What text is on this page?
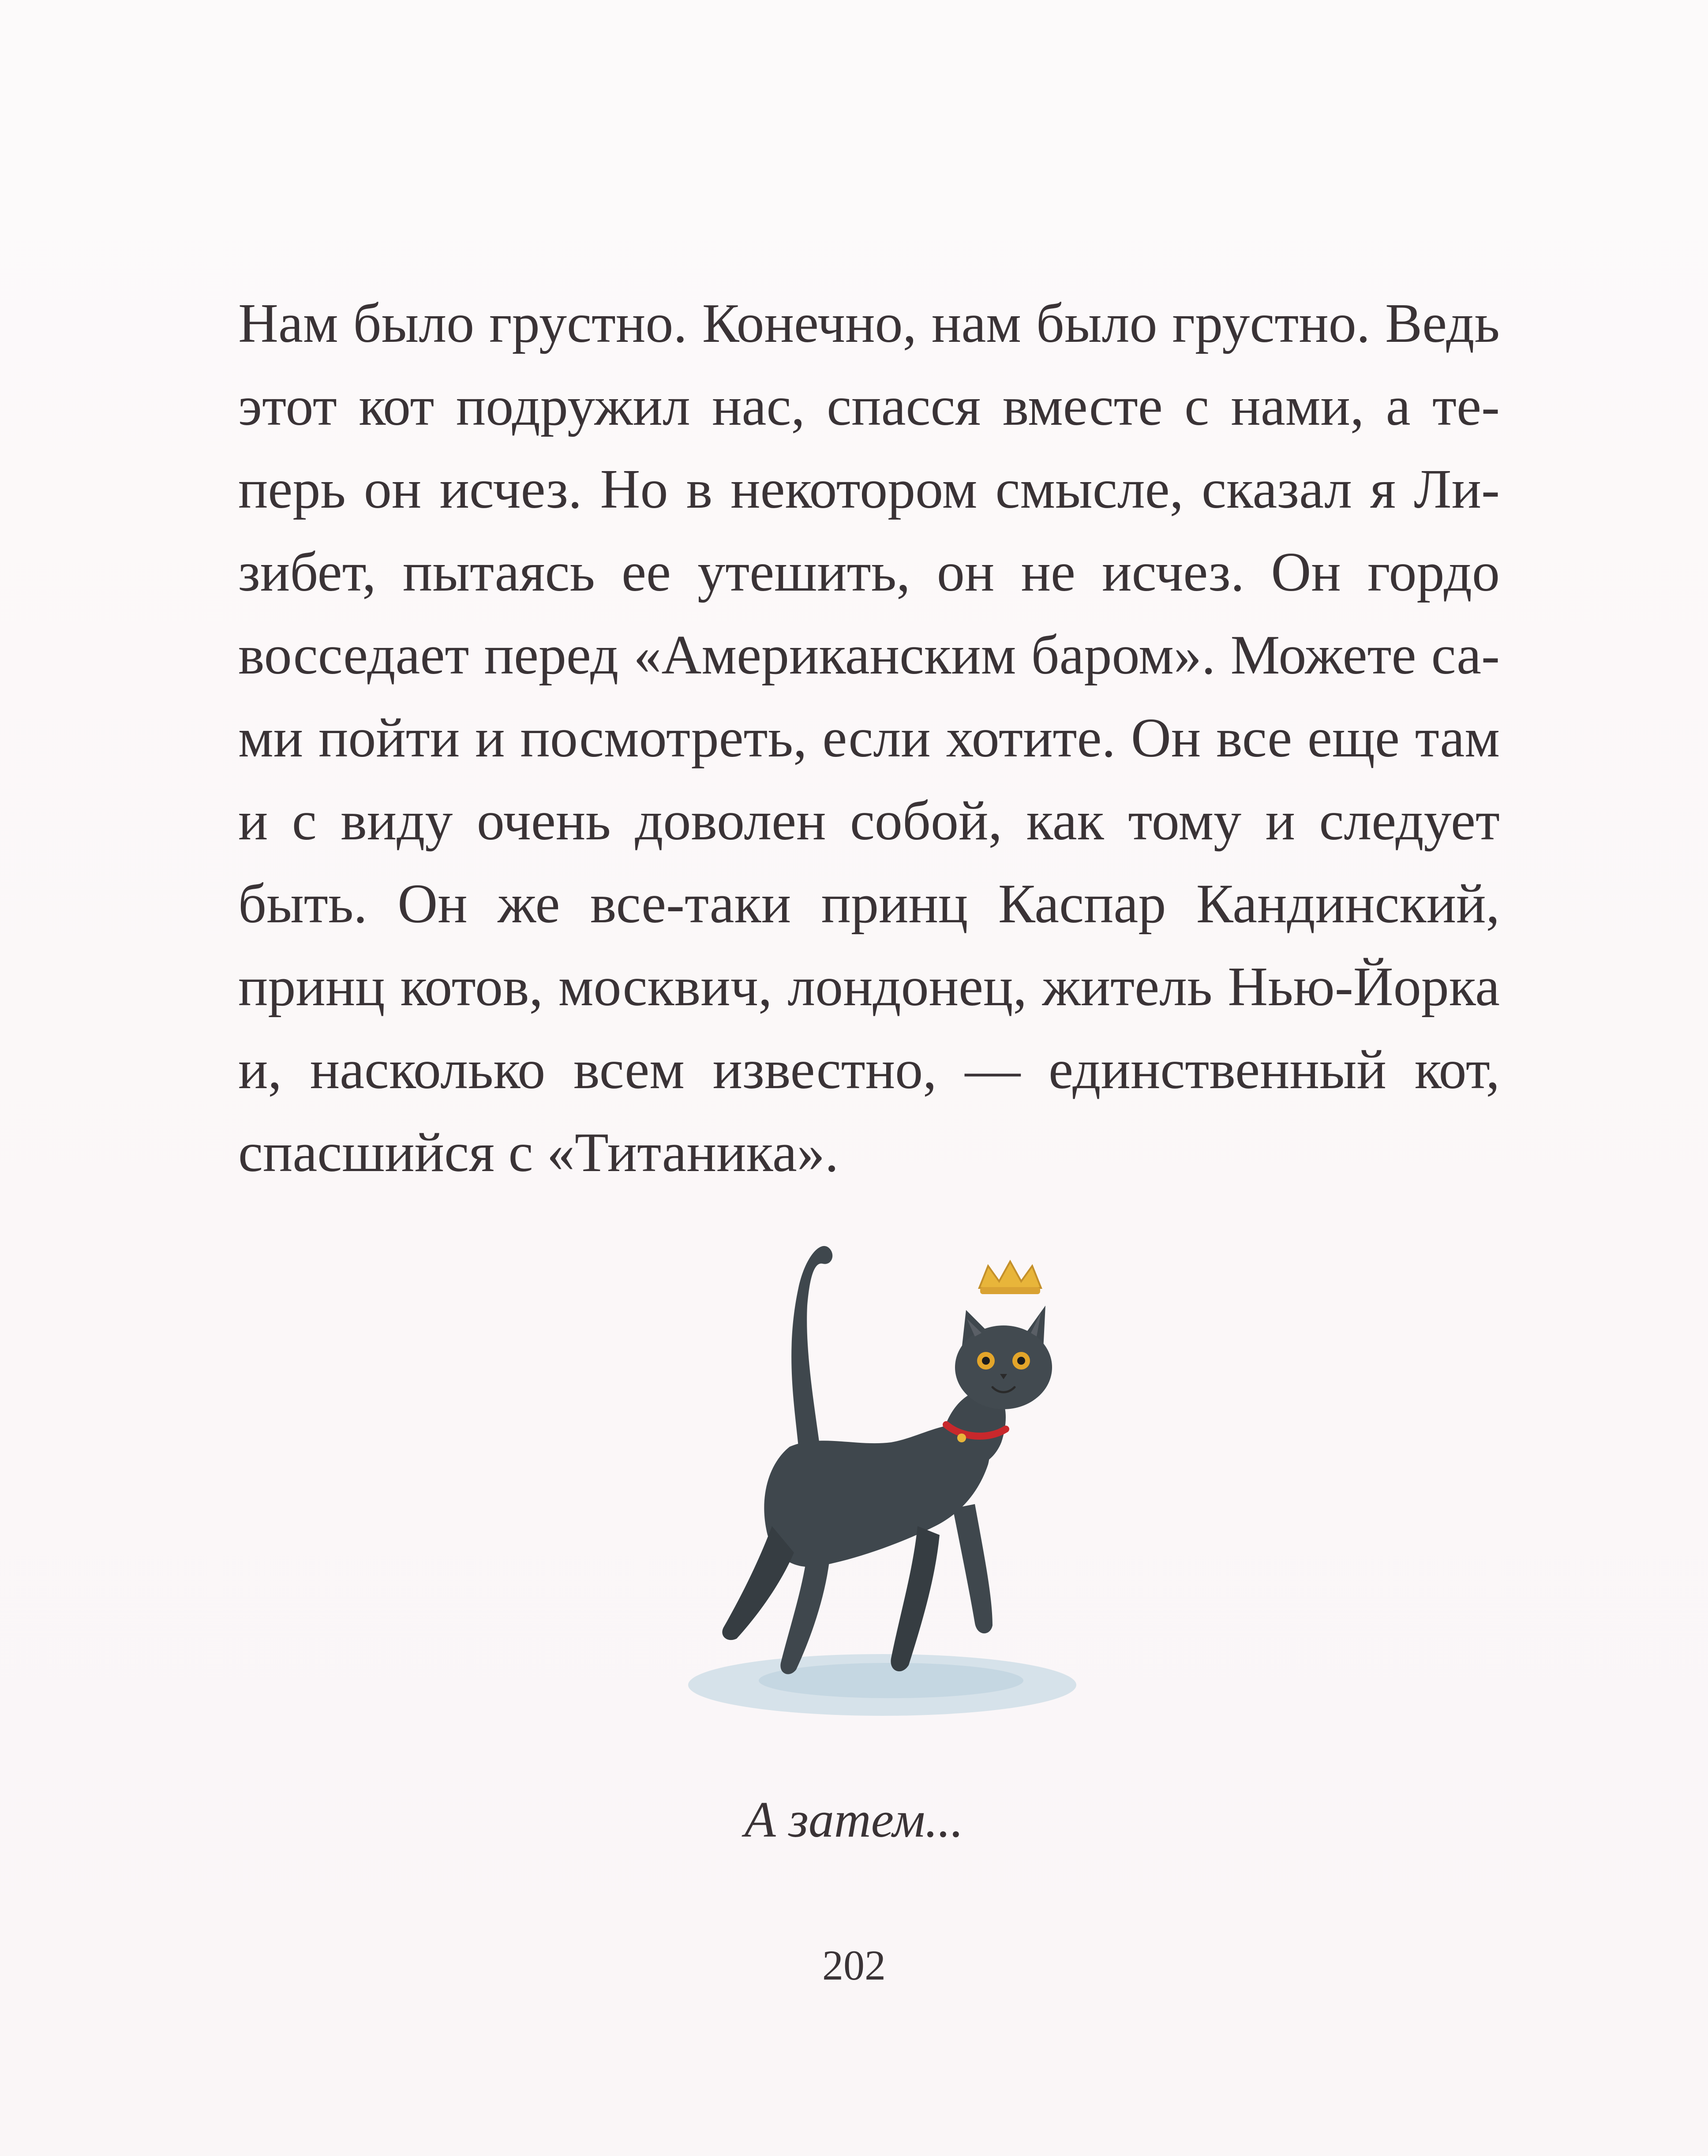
Нам было грустно. Конечно, нам было грустно. Ведь
этот кот подружил нас, спасся вместе с нами, а те-
перь он исчез. Но в некотором смысле, сказал я Ли-
зибет, пытаясь ее утешить, он не исчез. Он гордо
восседает перед «Американским баром». Можете са-
ми пойти и посмотреть, если хотите. Он все еще там
и с виду очень доволен собой, как тому и следует
быть. Он же все-таки принц Каспар Кандинский,
принц котов, москвич, лондонец, житель Нью-Йорка
и, насколько всем известно, — единственный кот,
спасшийся с «Титаника».
А затем...
202
